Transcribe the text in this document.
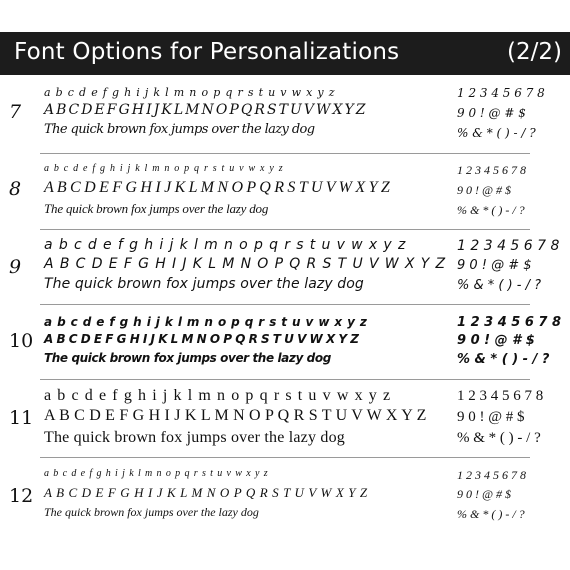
Font Options for Personalizations	(2/2)
7
a b c d e f g h i j k l m n o p q r s t u v w x y z
A B C D E F G H I J K L M N O P Q R S T U V W X Y Z
The quick brown fox jumps over the lazy dog
1 2 3 4 5 6 7 8
9 0 ! @ # $
% & * ( ) - / ?
8
a b c d e f g h i j k l m n o p q r s t u v w x y z
A B C D E F G H I J K L M N O P Q R S T U V W X Y Z
The quick brown fox jumps over the lazy dog
1 2 3 4 5 6 7 8
9 0 ! @ # $
% & * ( ) - / ?
9
a b c d e f g h i j k l m n o p q r s t u v w x y z
A B C D E F G H I J K L M N O P Q R S T U V W X Y Z
The quick brown fox jumps over the lazy dog
1 2 3 4 5 6 7 8
9 0 ! @ # $
% & * ( ) - / ?
10
a b c d e f g h i j k l m n o p q r s t u v w x y z
A B C D E F G H I J K L M N O P Q R S T U V W X Y Z
The quick brown fox jumps over the lazy dog
1 2 3 4 5 6 7 8
9 0 ! @ # $
% & * ( ) - / ?
11
a b c d e f g h i j k l m n o p q r s t u v w x y z
A B C D E F G H I J K L M N O P Q R S T U V W X Y Z
The quick brown fox jumps over the lazy dog
1 2 3 4 5 6 7 8
9 0 ! @ # $
% & * ( ) - / ?
12
a b c d e f g h i j k l m n o p q r s t u v w x y z
A B C D E F G H I J K L M N O P Q R S T U V W X Y Z
The quick brown fox jumps over the lazy dog
1 2 3 4 5 6 7 8
9 0 ! @ # $
% & * ( ) - / ?
